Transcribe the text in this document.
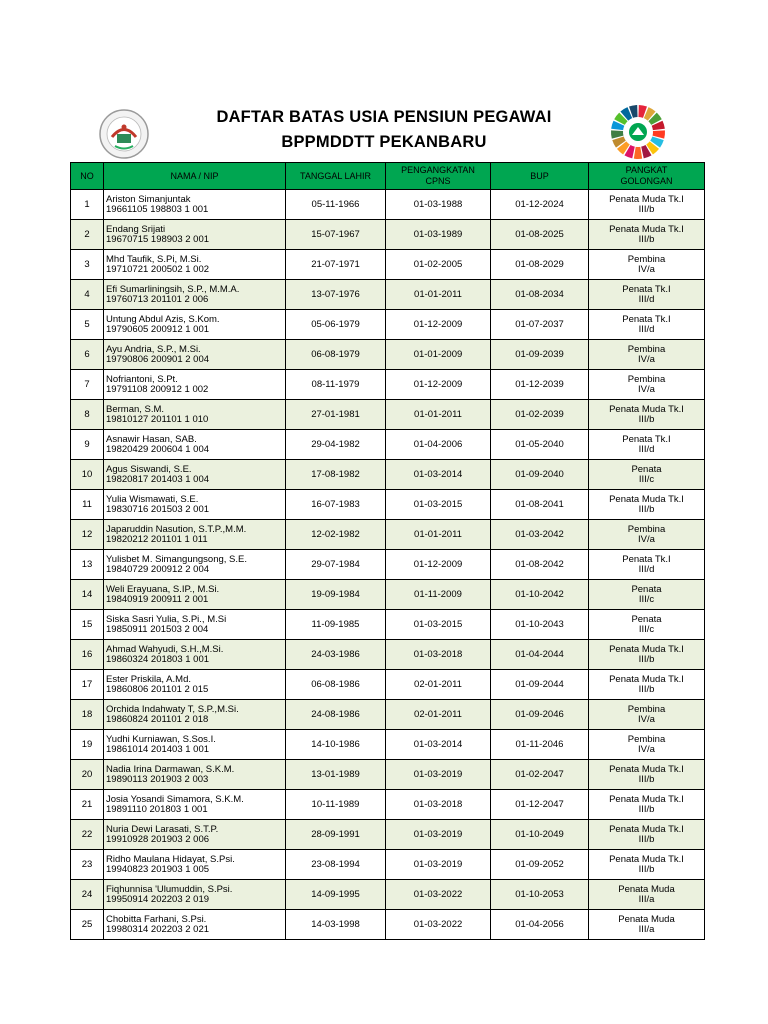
DAFTAR BATAS USIA PENSIUN PEGAWAI
BPPMDDTT PEKANBARU
NO	NAMA / NIP	TANGGAL LAHIR	PENGANGKATAN
CPNS	BUP	PANGKAT
GOLONGAN

1	Ariston Simanjuntak
19661105 198803 1 001	05-11-1966	01-03-1988	01-12-2024	Penata Muda Tk.I
III/b

2	Endang Srijati
19670715 198903 2 001	15-07-1967	01-03-1989	01-08-2025	Penata Muda Tk.I
III/b

3	Mhd Taufik, S.Pi, M.Si.
19710721 200502 1 002	21-07-1971	01-02-2005	01-08-2029	Pembina
IV/a

4	Efi Sumarliningsih, S.P., M.M.A.
19760713 201101 2 006	13-07-1976	01-01-2011	01-08-2034	Penata Tk.I
III/d

5	Untung Abdul Azis, S.Kom.
19790605 200912 1 001	05-06-1979	01-12-2009	01-07-2037	Penata Tk.I
III/d

6	Ayu Andria, S.P., M.Si.
19790806 200901 2 004	06-08-1979	01-01-2009	01-09-2039	Pembina
IV/a

7	Nofriantoni, S.Pt.
19791108 200912 1 002	08-11-1979	01-12-2009	01-12-2039	Pembina
IV/a

8	Berman, S.M.
19810127 201101 1 010	27-01-1981	01-01-2011	01-02-2039	Penata Muda Tk.I
III/b

9	Asnawir Hasan, SAB.
19820429 200604 1 004	29-04-1982	01-04-2006	01-05-2040	Penata Tk.I
III/d

10	Agus Siswandi, S.E.
19820817 201403 1 004	17-08-1982	01-03-2014	01-09-2040	Penata
III/c

11	Yulia Wismawati, S.E.
19830716 201503 2 001	16-07-1983	01-03-2015	01-08-2041	Penata Muda Tk.I
III/b

12	Japaruddin Nasution, S.T.P.,M.M.
19820212 201101 1 011	12-02-1982	01-01-2011	01-03-2042	Pembina
IV/a

13	Yulisbet M. Simangungsong, S.E.
19840729 200912 2 004	29-07-1984	01-12-2009	01-08-2042	Penata Tk.I
III/d

14	Weli Erayuana, S.IP., M.Si.
19840919 200911 2 001	19-09-1984	01-11-2009	01-10-2042	Penata
III/c

15	Siska Sasri Yulia, S.Pi., M.Si
19850911 201503 2 004	11-09-1985	01-03-2015	01-10-2043	Penata
III/c

16	Ahmad Wahyudi, S.H.,M.Si.
19860324 201803 1 001	24-03-1986	01-03-2018	01-04-2044	Penata Muda Tk.I
III/b

17	Ester Priskila, A.Md.
19860806 201101 2 015	06-08-1986	02-01-2011	01-09-2044	Penata Muda Tk.I
III/b

18	Orchida Indahwaty T, S.P.,M.Si.
19860824 201101 2 018	24-08-1986	02-01-2011	01-09-2046	Pembina
IV/a

19	Yudhi Kurniawan, S.Sos.I.
19861014 201403 1 001	14-10-1986	01-03-2014	01-11-2046	Pembina
IV/a

20	Nadia Irina Darmawan, S.K.M.
19890113 201903 2 003	13-01-1989	01-03-2019	01-02-2047	Penata Muda Tk.I
III/b

21	Josia Yosandi Simamora, S.K.M.
19891110 201803 1 001	10-11-1989	01-03-2018	01-12-2047	Penata Muda Tk.I
III/b

22	Nuria Dewi Larasati, S.T.P.
19910928 201903 2 006	28-09-1991	01-03-2019	01-10-2049	Penata Muda Tk.I
III/b

23	Ridho Maulana Hidayat, S.Psi.
19940823 201903 1 005	23-08-1994	01-03-2019	01-09-2052	Penata Muda Tk.I
III/b

24	Fiqhunnisa 'Ulumuddin, S.Psi.
19950914 202203 2 019	14-09-1995	01-03-2022	01-10-2053	Penata Muda
III/a

25	Chobitta Farhani, S.Psi.
19980314 202203 2 021	14-03-1998	01-03-2022	01-04-2056	Penata Muda
III/a
